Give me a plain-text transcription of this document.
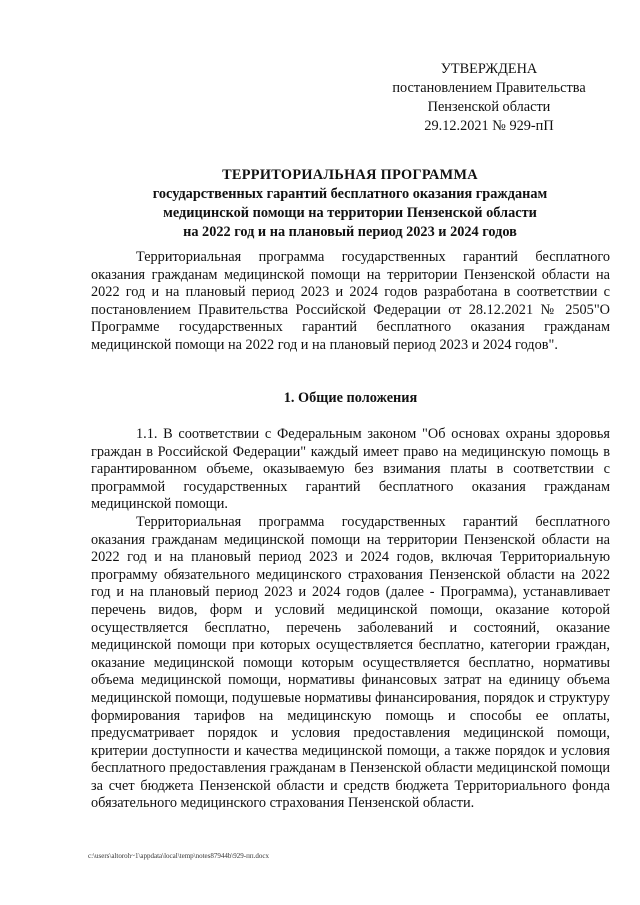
УТВЕРЖДЕНА
постановлением Правительства
Пензенской области
29.12.2021 № 929-пП
ТЕРРИТОРИАЛЬНАЯ ПРОГРАММА
государственных гарантий бесплатного оказания гражданам
медицинской помощи на территории Пензенской области
на 2022 год и на плановый период 2023 и 2024 годов

Территориальная программа государственных гарантий бесплатного оказания гражданам медицинской помощи на территории Пензенской области на 2022 год и на плановый период 2023 и 2024 годов разработана в соответствии с постановлением Правительства Российской Федерации от 28.12.2021 № 2505"О Программе государственных гарантий бесплатного оказания гражданам медицинской помощи на 2022 год и на плановый период 2023 и 2024 годов".

1. Общие положения

1.1. В соответствии с Федеральным законом "Об основах охраны здоровья граждан в Российской Федерации" каждый имеет право на медицинскую помощь в гарантированном объеме, оказываемую без взимания платы в соответствии с программой государственных гарантий бесплатного оказания гражданам медицинской помощи.

Территориальная программа государственных гарантий бесплатного оказания гражданам медицинской помощи на территории Пензенской области на 2022 год и на плановый период 2023 и 2024 годов, включая Территориальную программу обязательного медицинского страхования Пензенской области на 2022 год и на плановый период 2023 и 2024 годов (далее - Программа), устанавливает перечень видов, форм и условий медицинской помощи, оказание которой осуществляется бесплатно, перечень заболеваний и состояний, оказание медицинской помощи при которых осуществляется бесплатно, категории граждан, оказание медицинской помощи которым осуществляется бесплатно, нормативы объема медицинской помощи, нормативы финансовых затрат на единицу объема медицинской помощи, подушевые нормативы финансирования, порядок и структуру формирования тарифов на медицинскую помощь и способы ее оплаты, предусматривает порядок и условия предоставления медицинской помощи, критерии доступности и качества медицинской помощи, а также порядок и условия бесплатного предоставления гражданам в Пензенской области медицинской помощи за счет бюджета Пензенской области и средств бюджета Территориального фонда обязательного медицинского страхования Пензенской области.

c:\users\altoroh~1\appdata\local\temp\notes87944b\929-пп.docx
